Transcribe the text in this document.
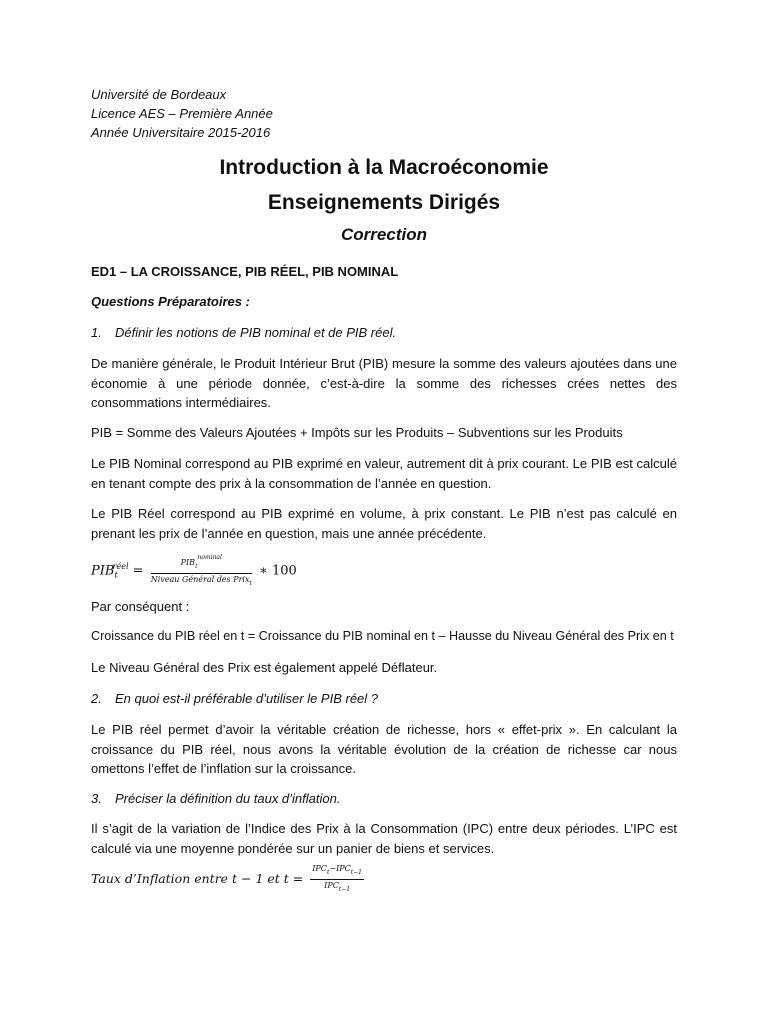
Université de Bordeaux
Licence AES – Première Année
Année Universitaire 2015-2016
Introduction à la Macroéconomie
Enseignements Dirigés
Correction

ED1 – LA CROISSANCE, PIB RÉEL, PIB NOMINAL

Questions Préparatoires :

1. Définir les notions de PIB nominal et de PIB réel.

De manière générale, le Produit Intérieur Brut (PIB) mesure la somme des valeurs ajoutées dans une économie à une période donnée, c’est-à-dire la somme des richesses crées nettes des consommations intermédiaires.

PIB = Somme des Valeurs Ajoutées + Impôts sur les Produits – Subventions sur les Produits

Le PIB Nominal correspond au PIB exprimé en valeur, autrement dit à prix courant. Le PIB est calculé en tenant compte des prix à la consommation de l’année en question.

Le PIB Réel correspond au PIB exprimé en volume, à prix constant. Le PIB n’est pas calculé en prenant les prix de l’année en question, mais une année précédente.

$PIB_t^{réel} = \frac{PIB_t^{nominal}}{Niveau Général des Prix_t}$ ∗ 100

Par conséquent :

Croissance du PIB réel en t = Croissance du PIB nominal en t – Hausse du Niveau Général des Prix en t

Le Niveau Général des Prix est également appelé Déflateur.

2. En quoi est-il préférable d’utiliser le PIB réel ?

Le PIB réel permet d’avoir la véritable création de richesse, hors « effet-prix ». En calculant la croissance du PIB réel, nous avons la véritable évolution de la création de richesse car nous omettons l’effet de l’inflation sur la croissance.

3. Préciser la définition du taux d’inflation.

Il s’agit de la variation de l’Indice des Prix à la Consommation (IPC) entre deux périodes. L’IPC est calculé via une moyenne pondérée sur un panier de biens et services.

Taux d’Inflation entre t − 1 et $t = \frac{IPC_t-IPC_{t-1}}{IPC_{t-1}}$
